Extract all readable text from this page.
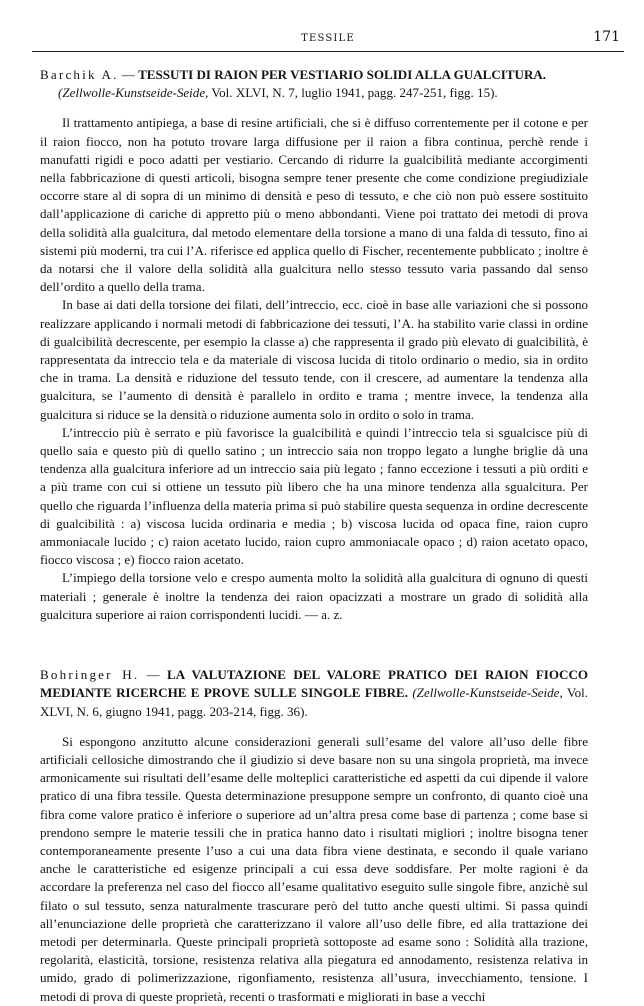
TESSILE	171
Barchik A. — TESSUTI DI RAION PER VESTIARIO SOLIDI ALLA GUALCITURA.
(Zellwolle-Kunstseide-Seide, Vol. XLVI, N. 7, luglio 1941, pagg. 247-251, figg. 15).

Il trattamento antipiega, a base di resine artificiali, che si è diffuso correntemente per il cotone e per il raion fiocco, non ha potuto trovare larga diffusione per il raion a fibra continua, perchè rende i manufatti rigidi e poco adatti per vestiario. Cercando di ridurre la gualcibilità mediante accorgimenti nella fabbricazione di questi articoli, bisogna sempre tener presente che come condizione pregiudiziale occorre stare al di sopra di un minimo di densità e peso di tessuto, e che ciò non può essere sostituito dall’applicazione di cariche di appretto più o meno abbondanti. Viene poi trattato dei metodi di prova della solidità alla gualcitura, dal metodo elementare della torsione a mano di una falda di tessuto, fino ai sistemi più moderni, tra cui l’A. riferisce ed applica quello di Fischer, recentemente pubblicato ; inoltre è da notarsi che il valore della solidità alla gualcitura nello stesso tessuto varia passando dal senso dell’ordito a quello della trama.

In base ai dati della torsione dei filati, dell’intreccio, ecc. cioè in base alle variazioni che si possono realizzare applicando i normali metodi di fabbricazione dei tessuti, l’A. ha stabilito varie classi in ordine di gualcibilità decrescente, per esempio la classe a) che rappresenta il grado più elevato di gualcibilità, è rappresentata da intreccio tela e da materiale di viscosa lucida di titolo ordinario o medio, sia in ordito che in trama. La densità e riduzione del tessuto tende, con il crescere, ad aumentare la tendenza alla gualcitura, se l’aumento di densità è parallelo in ordito e trama ; mentre invece, la tendenza alla gualcitura si riduce se la densità o riduzione aumenta solo in ordito o solo in trama.

L’intreccio più è serrato e più favorisce la gualcibilità e quindi l’intreccio tela si sgualcisce più di quello saia e questo più di quello satino ; un intreccio saia non troppo legato a lunghe briglie dà una tendenza alla gualcitura inferiore ad un intreccio saia più legato ; fanno eccezione i tessuti a più orditi e a più trame con cui si ottiene un tessuto più libero che ha una minore tendenza alla sgualcitura. Per quello che riguarda l’influenza della materia prima si può stabilire questa sequenza in ordine decrescente di gualcibilità : a) viscosa lucida ordinaria e media ; b) viscosa lucida od opaca fine, raion cupro ammoniacale lucido ; c) raion acetato lucido, raion cupro ammoniacale opaco ; d) raion acetato opaco, fiocco viscosa ; e) fiocco raion acetato.

L’impiego della torsione velo e crespo aumenta molto la solidità alla gualcitura di ognuno di questi materiali ; generale è inoltre la tendenza dei raion opacizzati a mostrare un grado di solidità alla gualcitura superiore ai raion corrispondenti lucidi. — a. z.

Bohringer H. — LA VALUTAZIONE DEL VALORE PRATICO DEI RAION FIOCCO MEDIANTE RICERCHE E PROVE SULLE SINGOLE FIBRE. (Zellwolle-Kunstseide-Seide, Vol. XLVI, N. 6, giugno 1941, pagg. 203-214, figg. 36).

Si espongono anzitutto alcune considerazioni generali sull’esame del valore all’uso delle fibre artificiali cellosiche dimostrando che il giudizio si deve basare non su una singola proprietà, ma invece armonicamente sui risultati dell’esame delle molteplici caratteristiche ed aspetti da cui dipende il valore pratico di una fibra tessile. Questa determinazione presuppone sempre un confronto, di quanto cioè una fibra come valore pratico è inferiore o superiore ad un’altra presa come base di partenza ; come base si prendono sempre le materie tessili che in pratica hanno dato i risultati migliori ; inoltre bisogna tener contemporaneamente presente l’uso a cui una data fibra viene destinata, e secondo il quale variano anche le caratteristiche ed esigenze principali a cui essa deve soddisfare. Per molte ragioni è da accordare la preferenza nel caso del fiocco all’esame qualitativo eseguito sulle singole fibre, anzichè sul filato o sul tessuto, senza naturalmente trascurare però del tutto anche questi ultimi. Si passa quindi all’enunciazione delle proprietà che caratterizzano il valore all’uso delle fibre, ed alla trattazione dei metodi per determinarla. Queste principali proprietà sottoposte ad esame sono : Solidità alla trazione, regolarità, elasticità, torsione, resistenza relativa alla piegatura ed annodamento, resistenza relativa in umido, grado di polimerizzazione, rigonfiamento, resistenza all’usura, invecchiamento, tensione. I metodi di prova di queste proprietà, recenti o trasformati e migliorati in base a vecchi
